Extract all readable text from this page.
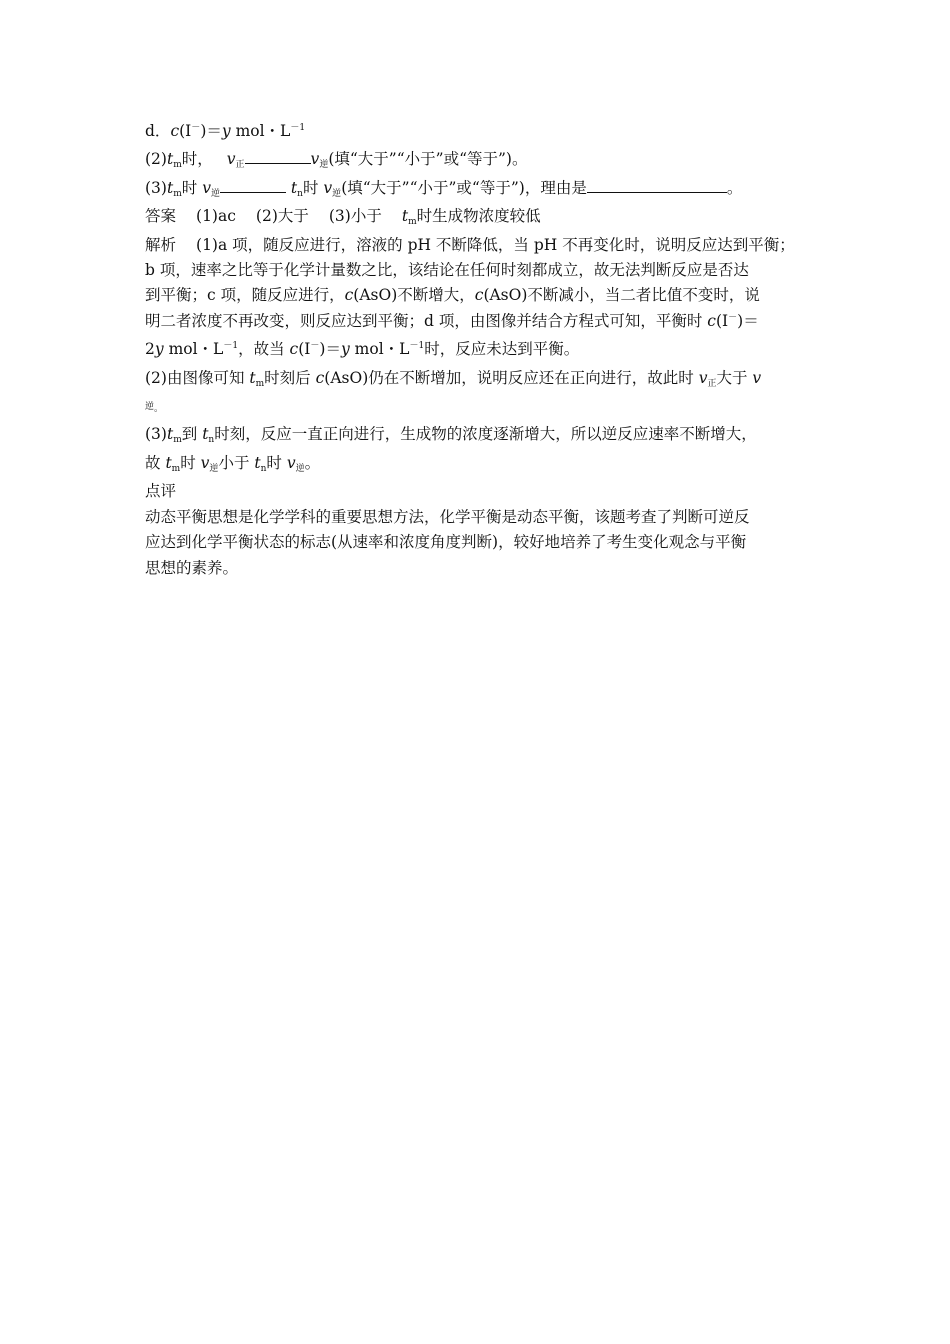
d．c(I－)＝y mol・$L^{-1}$
(2)tm时， v正	v逆(填“大于”“小于”或“等于”)。
(3)tm时 v逆	tn时 v逆(填“大于”“小于”或“等于”)，理由是	。
答案 (1)ac (2)大于 (3)小于 tm时生成物浓度较低
解析 (1)a 项，随反应进行，溶液的 pH 不断降低，当 pH 不再变化时，说明反应达到平衡；
b 项，速率之比等于化学计量数之比，该结论在任何时刻都成立，故无法判断反应是否达
到平衡；c 项，随反应进行，c(AsO)不断增大，c(AsO)不断减小，当二者比值不变时，说
明二者浓度不再改变，则反应达到平衡；d 项，由图像并结合方程式可知，平衡时 c(I－)＝
2y mol・$L^{-1}$，故当 c(I－)＝y mol・$L^{-1}$时，反应未达到平衡。
(2)由图像可知 tm时刻后 c(AsO)仍在不断增加，说明反应还在正向进行，故此时 v正大于 v
逆。
(3)tm到 tn时刻，反应一直正向进行，生成物的浓度逐渐增大，所以逆反应速率不断增大，
故 tm时 v逆小于 tn时 v逆。
点评
动态平衡思想是化学学科的重要思想方法，化学平衡是动态平衡，该题考查了判断可逆反
应达到化学平衡状态的标志(从速率和浓度角度判断)，较好地培养了考生变化观念与平衡
思想的素养。
